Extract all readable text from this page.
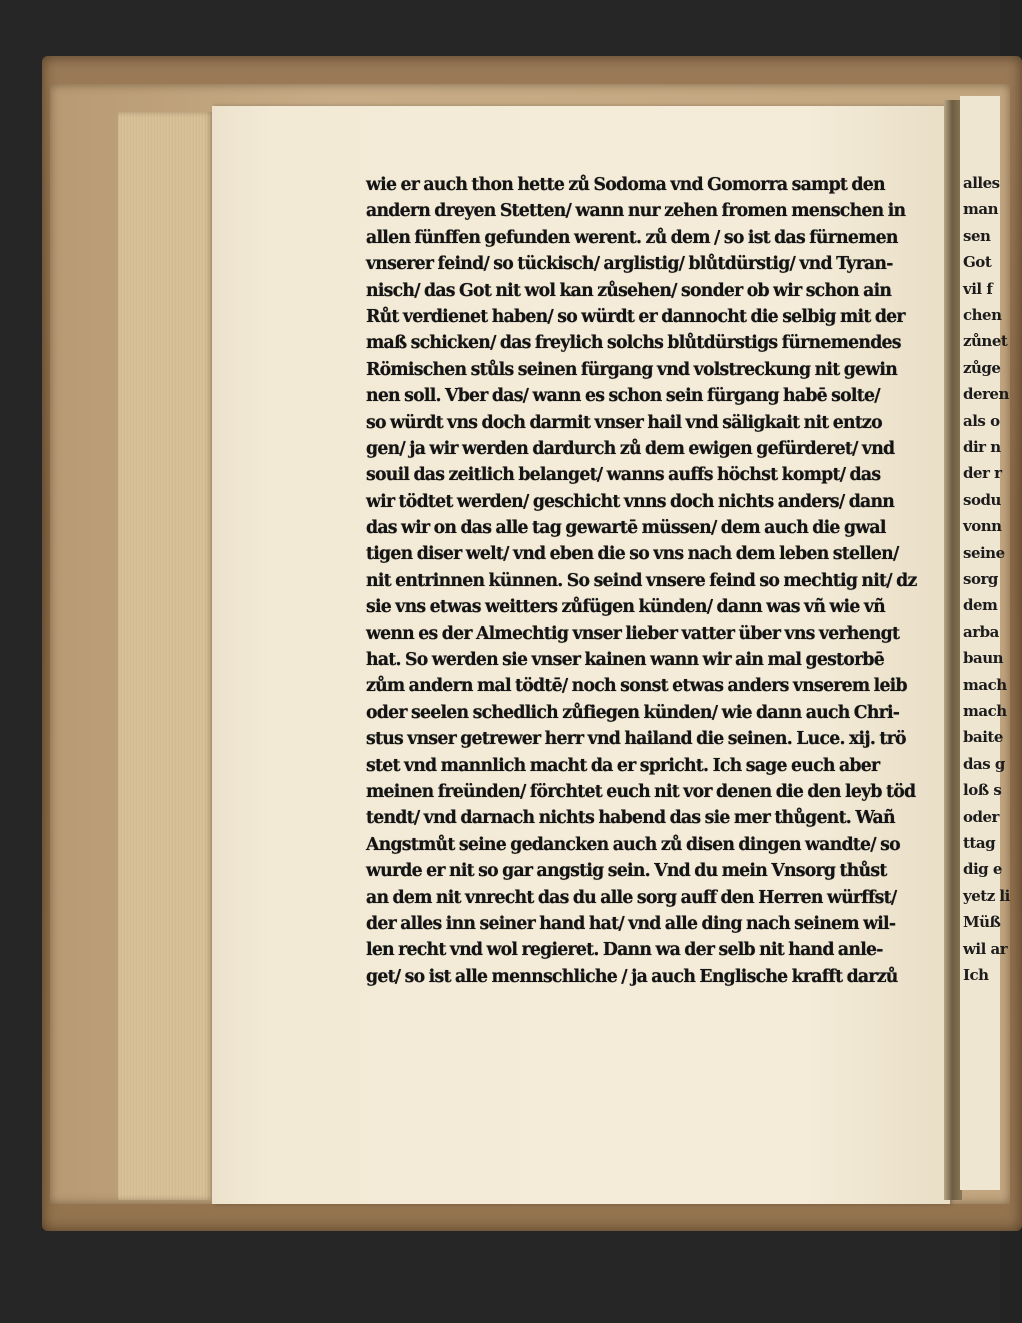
alles
man
sen
Got
vil f
chen
zůnet
zůge
deren
als o
dir n
der r
sodu
vonn
seine
sorg
dem
arba
baun
mach
mach
baite
das g
loß s
oder
ttag
dig e
yetz li
Müß
wil ar
Ich
wie er auch thon hette zů Sodoma vnd Gomorra sampt den
andern dreyen Stetten/ wann nur zehen fromen menschen in
allen fünffen gefunden werent. zů dem / so ist das fürnemen
vnserer feind/ so tückisch/ arglistig/ blůtdürstig/ vnd Tyran-
nisch/ das Got nit wol kan zůsehen/ sonder ob wir schon ain
Růt verdienet haben/ so würdt er dannocht die selbig mit der
maß schicken/ das freylich solchs blůtdürstigs fürnemendes
Römischen stůls seinen fürgang vnd volstreckung nit gewin
nen soll. Vber das/ wann es schon sein fürgang habē solte/
so würdt vns doch darmit vnser hail vnd säligkait nit entzo
gen/ ja wir werden dardurch zů dem ewigen gefürderet/ vnd
souil das zeitlich belanget/ wanns auffs höchst kompt/ das
wir tödtet werden/ geschicht vnns doch nichts anders/ dann
das wir on das alle tag gewartē müssen/ dem auch die gwal
tigen diser welt/ vnd eben die so vns nach dem leben stellen/
nit entrinnen künnen. So seind vnsere feind so mechtig nit/ dz
sie vns etwas weitters zůfügen künden/ dann was vñ wie vñ
wenn es der Almechtig vnser lieber vatter über vns verhengt
hat. So werden sie vnser kainen wann wir ain mal gestorbē
zům andern mal tödtē/ noch sonst etwas anders vnserem leib
oder seelen schedlich zůfiegen künden/ wie dann auch Chri-
stus vnser getrewer herr vnd hailand die seinen. Luce. xij. trö
stet vnd mannlich macht da er spricht. Ich sage euch aber
meinen freünden/ förchtet euch nit vor denen die den leyb töd
tendt/ vnd darnach nichts habend das sie mer thůgent. Wañ
Angstmůt seine gedancken auch zů disen dingen wandte/ so
wurde er nit so gar angstig sein. Vnd du mein Vnsorg thůst
an dem nit vnrecht das du alle sorg auff den Herren würffst/
der alles inn seiner hand hat/ vnd alle ding nach seinem wil-
len recht vnd wol regieret. Dann wa der selb nit hand anle-
get/ so ist alle mennschliche / ja auch Englische krafft darzů
